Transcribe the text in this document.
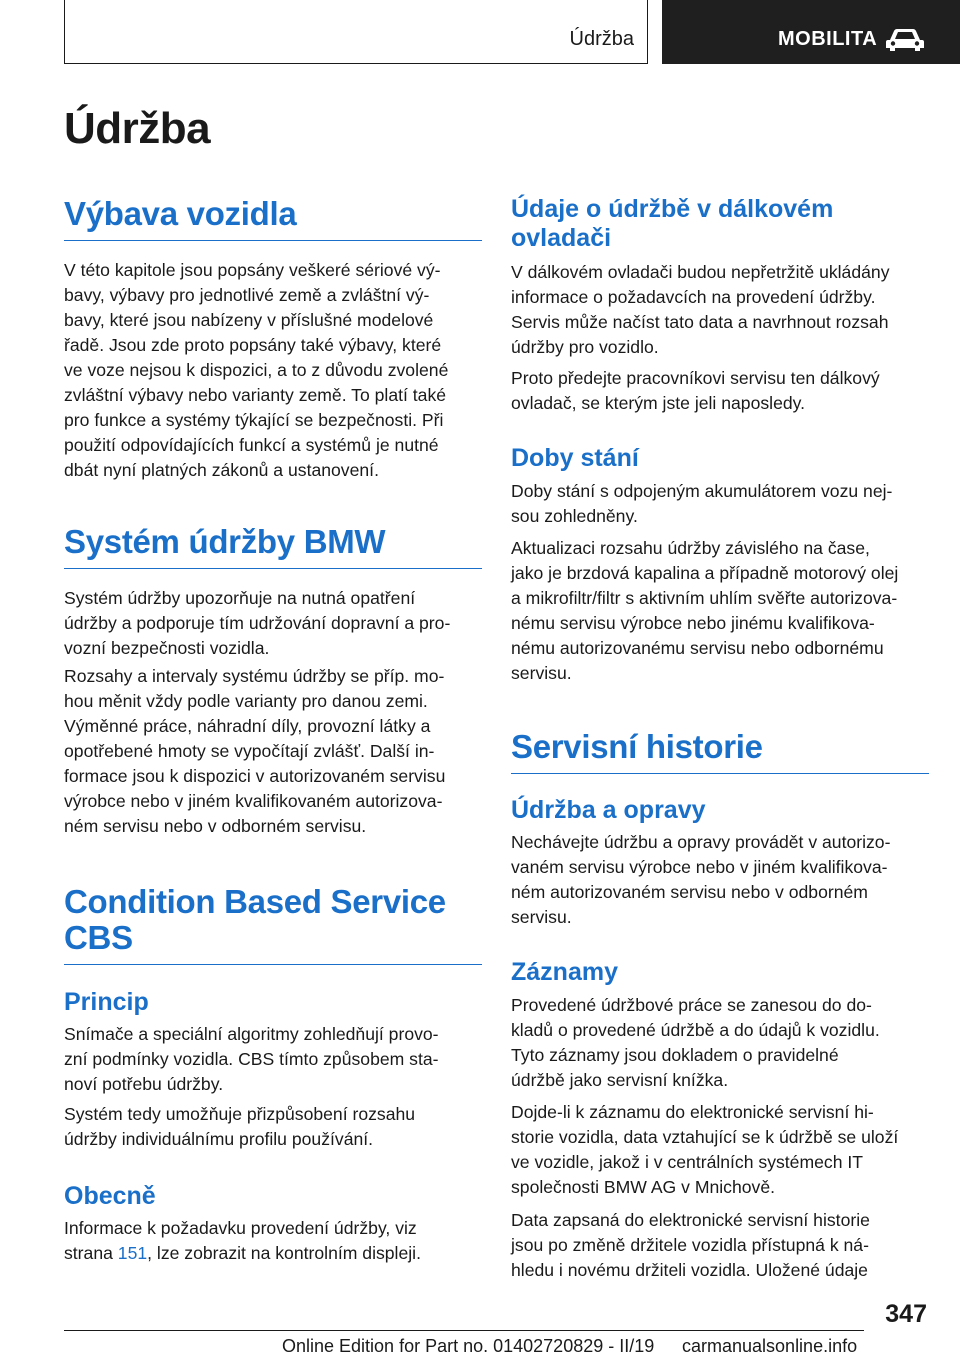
Údržba	MOBILITA
Údržba
Výbava vozidla
V této kapitole jsou popsány veškeré sériové vý-
bavy, výbavy pro jednotlivé země a zvláštní vý-
bavy, které jsou nabízeny v příslušné modelové
řadě. Jsou zde proto popsány také výbavy, které
ve voze nejsou k dispozici, a to z důvodu zvolené
zvláštní výbavy nebo varianty země. To platí také
pro funkce a systémy týkající se bezpečnosti. Při
použití odpovídajících funkcí a systémů je nutné
dbát nyní platných zákonů a ustanovení.
Systém údržby BMW
Systém údržby upozorňuje na nutná opatření
údržby a podporuje tím udržování dopravní a pro-
vozní bezpečnosti vozidla.
Rozsahy a intervaly systému údržby se příp. mo-
hou měnit vždy podle varianty pro danou zemi.
Výměnné práce, náhradní díly, provozní látky a
opotřebené hmoty se vypočítají zvlášť. Další in-
formace jsou k dispozici v autorizovaném servisu
výrobce nebo v jiném kvalifikovaném autorizova-
ném servisu nebo v odborném servisu.
Condition Based Service
CBS
Princip
Snímače a speciální algoritmy zohledňují provo-
zní podmínky vozidla. CBS tímto způsobem sta-
noví potřebu údržby.
Systém tedy umožňuje přizpůsobení rozsahu
údržby individuálnímu profilu používání.
Obecně
Informace k požadavku provedení údržby, viz
strana 151, lze zobrazit na kontrolním displeji.
Údaje o údržbě v dálkovém
ovladači
V dálkovém ovladači budou nepřetržitě ukládány
informace o požadavcích na provedení údržby.
Servis může načíst tato data a navrhnout rozsah
údržby pro vozidlo.
Proto předejte pracovníkovi servisu ten dálkový
ovladač, se kterým jste jeli naposledy.
Doby stání
Doby stání s odpojeným akumulátorem vozu nej-
sou zohledněny.
Aktualizaci rozsahu údržby závislého na čase,
jako je brzdová kapalina a případně motorový olej
a mikrofiltr/filtr s aktivním uhlím svěřte autorizova-
nému servisu výrobce nebo jinému kvalifikova-
nému autorizovanému servisu nebo odbornému
servisu.
Servisní historie
Údržba a opravy
Nechávejte údržbu a opravy provádět v autorizo-
vaném servisu výrobce nebo v jiném kvalifikova-
ném autorizovaném servisu nebo v odborném
servisu.
Záznamy
Provedené údržbové práce se zanesou do do-
kladů o provedené údržbě a do údajů k vozidlu.
Tyto záznamy jsou dokladem o pravidelné
údržbě jako servisní knížka.
Dojde-li k záznamu do elektronické servisní hi-
storie vozidla, data vztahující se k údržbě se uloží
ve vozidle, jakož i v centrálních systémech IT
společnosti BMW AG v Mnichově.
Data zapsaná do elektronické servisní historie
jsou po změně držitele vozidla přístupná k ná-
hledu i novému držiteli vozidla. Uložené údaje
347
Online Edition for Part no. 01402720829 - II/19 carmanualsonline.info
